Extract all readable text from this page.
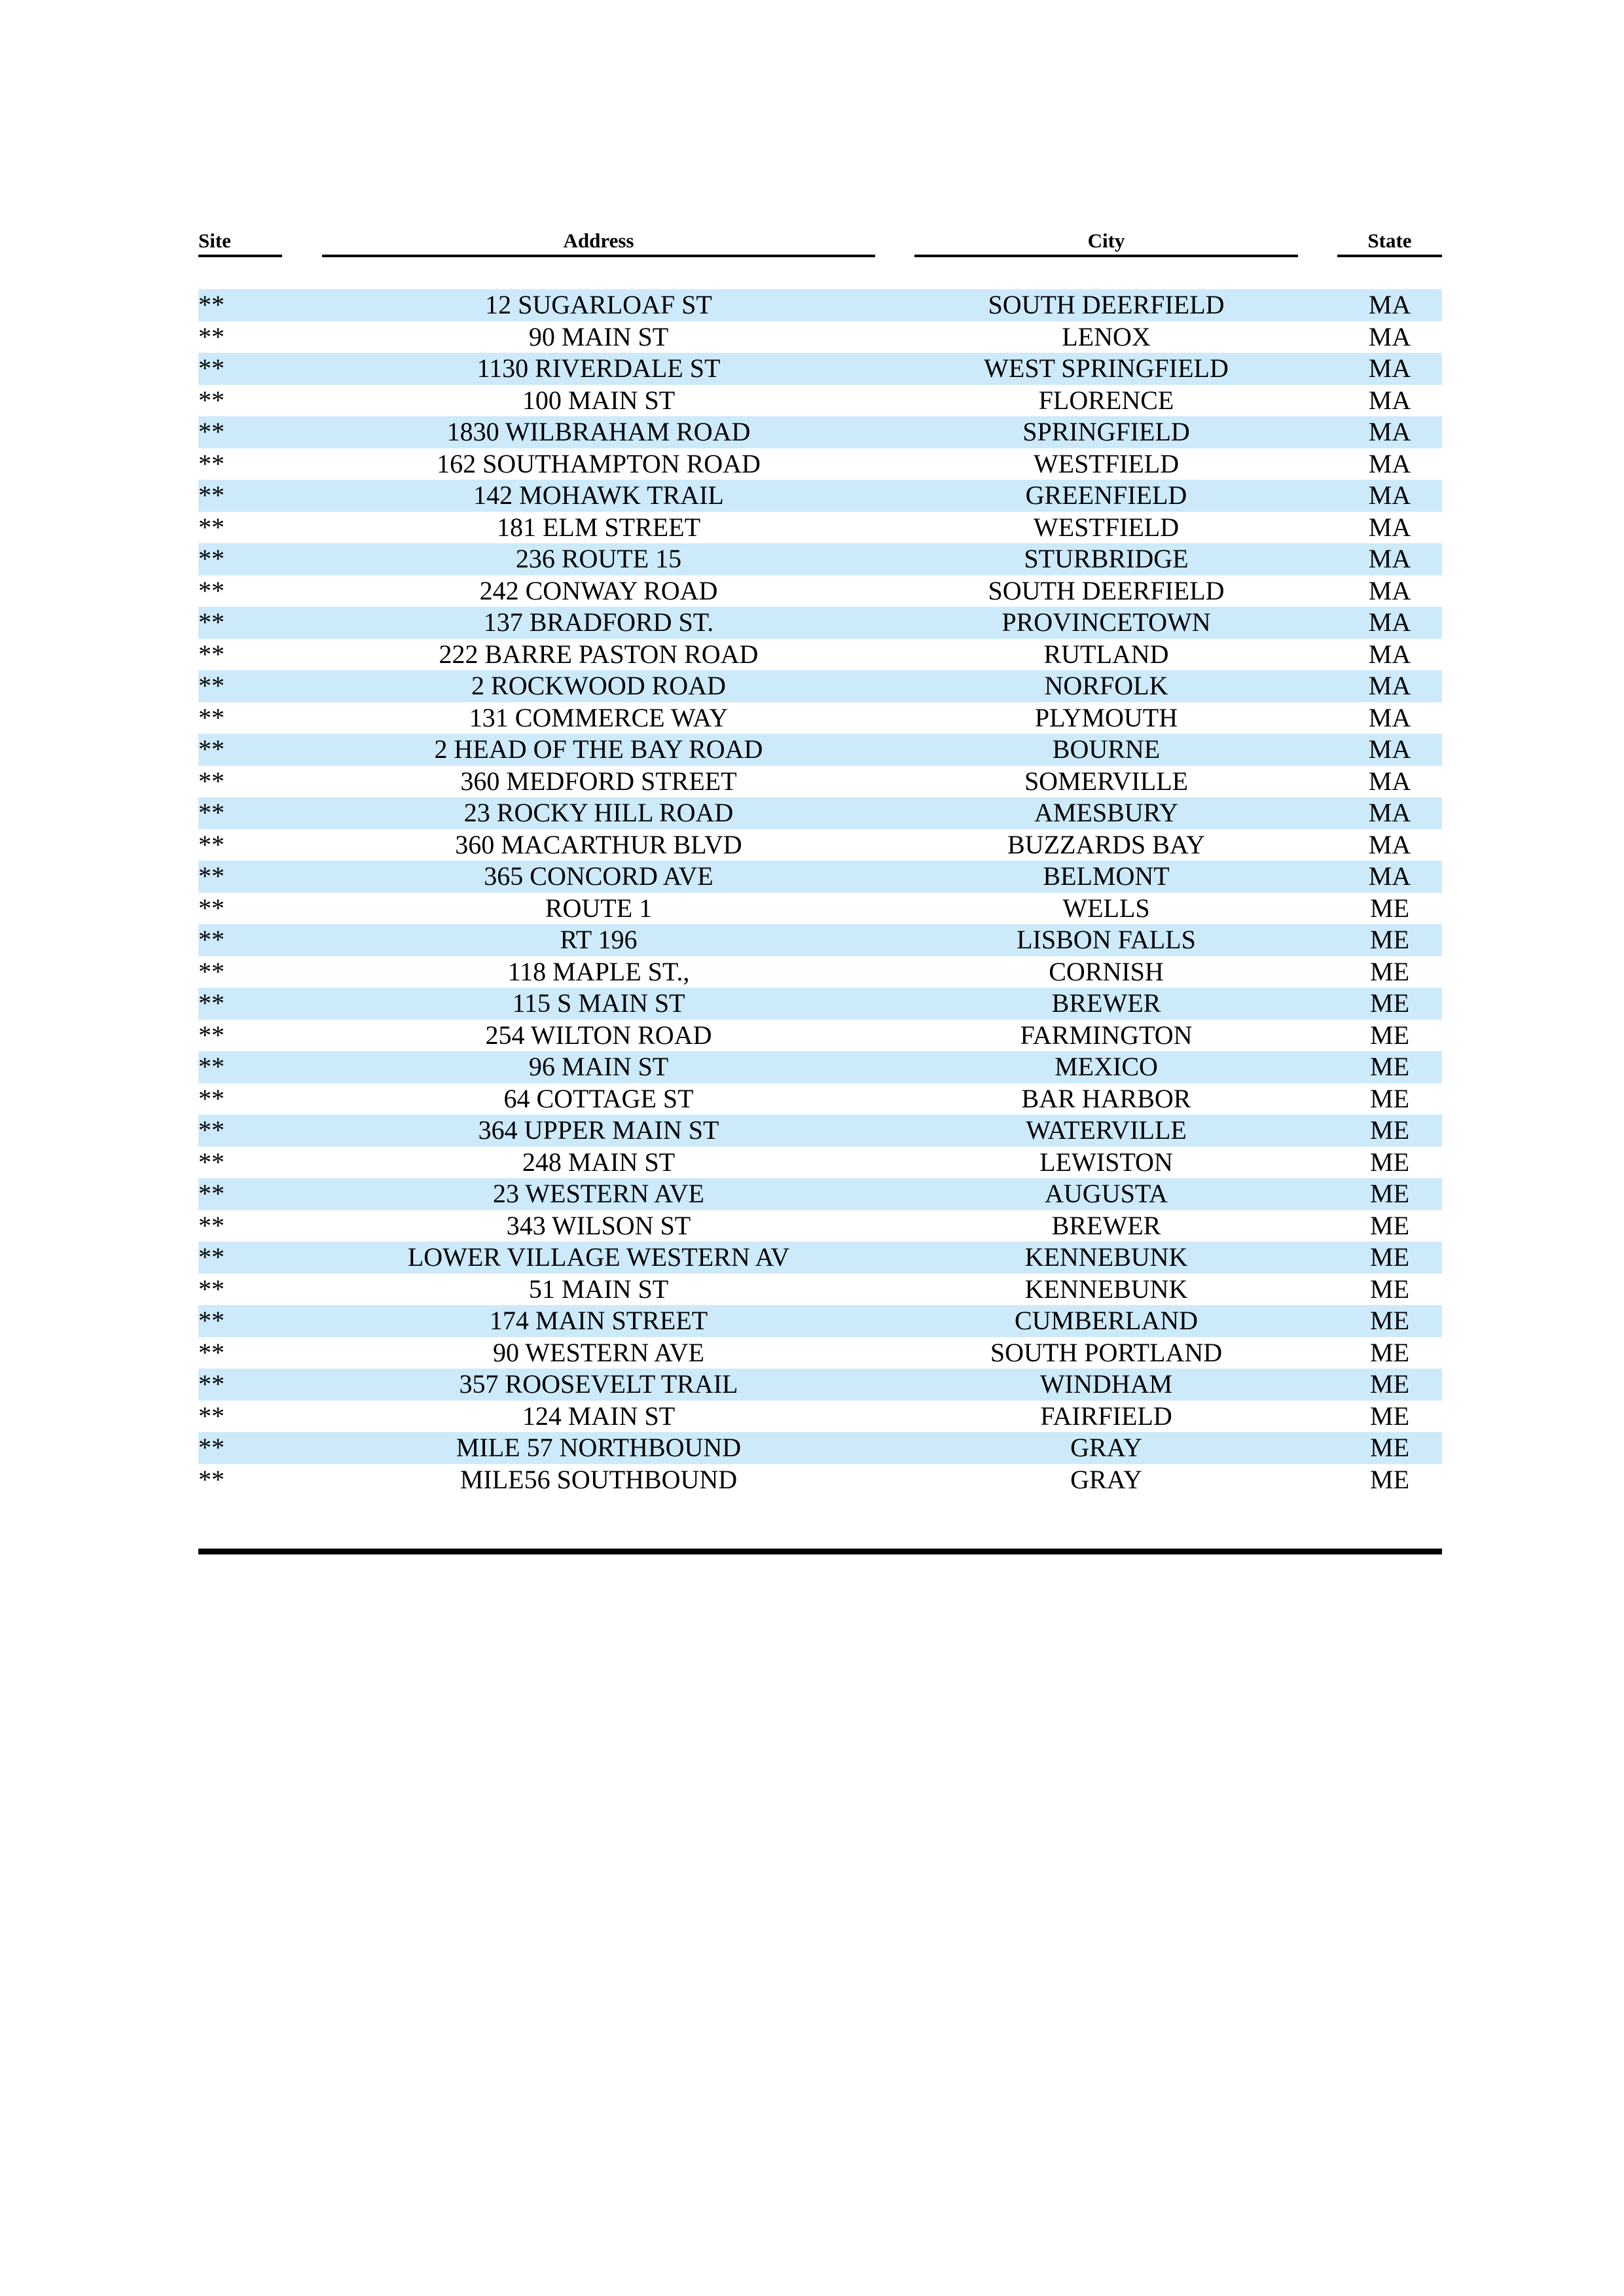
Site	Address	City	State
**	12 SUGARLOAF ST	SOUTH DEERFIELD	MA
**	90 MAIN ST	LENOX	MA
**	1130 RIVERDALE ST	WEST SPRINGFIELD	MA
**	100 MAIN ST	FLORENCE	MA
**	1830 WILBRAHAM ROAD	SPRINGFIELD	MA
**	162 SOUTHAMPTON ROAD	WESTFIELD	MA
**	142 MOHAWK TRAIL	GREENFIELD	MA
**	181 ELM STREET	WESTFIELD	MA
**	236 ROUTE 15	STURBRIDGE	MA
**	242 CONWAY ROAD	SOUTH DEERFIELD	MA
**	137 BRADFORD ST.	PROVINCETOWN	MA
**	222 BARRE PASTON ROAD	RUTLAND	MA
**	2 ROCKWOOD ROAD	NORFOLK	MA
**	131 COMMERCE WAY	PLYMOUTH	MA
**	2 HEAD OF THE BAY ROAD	BOURNE	MA
**	360 MEDFORD STREET	SOMERVILLE	MA
**	23 ROCKY HILL ROAD	AMESBURY	MA
**	360 MACARTHUR BLVD	BUZZARDS BAY	MA
**	365 CONCORD AVE	BELMONT	MA
**	ROUTE 1	WELLS	ME
**	RT 196	LISBON FALLS	ME
**	118 MAPLE ST.,	CORNISH	ME
**	115 S MAIN ST	BREWER	ME
**	254 WILTON ROAD	FARMINGTON	ME
**	96 MAIN ST	MEXICO	ME
**	64 COTTAGE ST	BAR HARBOR	ME
**	364 UPPER MAIN ST	WATERVILLE	ME
**	248 MAIN ST	LEWISTON	ME
**	23 WESTERN AVE	AUGUSTA	ME
**	343 WILSON ST	BREWER	ME
**	LOWER VILLAGE WESTERN AV	KENNEBUNK	ME
**	51 MAIN ST	KENNEBUNK	ME
**	174 MAIN STREET	CUMBERLAND	ME
**	90 WESTERN AVE	SOUTH PORTLAND	ME
**	357 ROOSEVELT TRAIL	WINDHAM	ME
**	124 MAIN ST	FAIRFIELD	ME
**	MILE 57 NORTHBOUND	GRAY	ME
**	MILE56 SOUTHBOUND	GRAY	ME
